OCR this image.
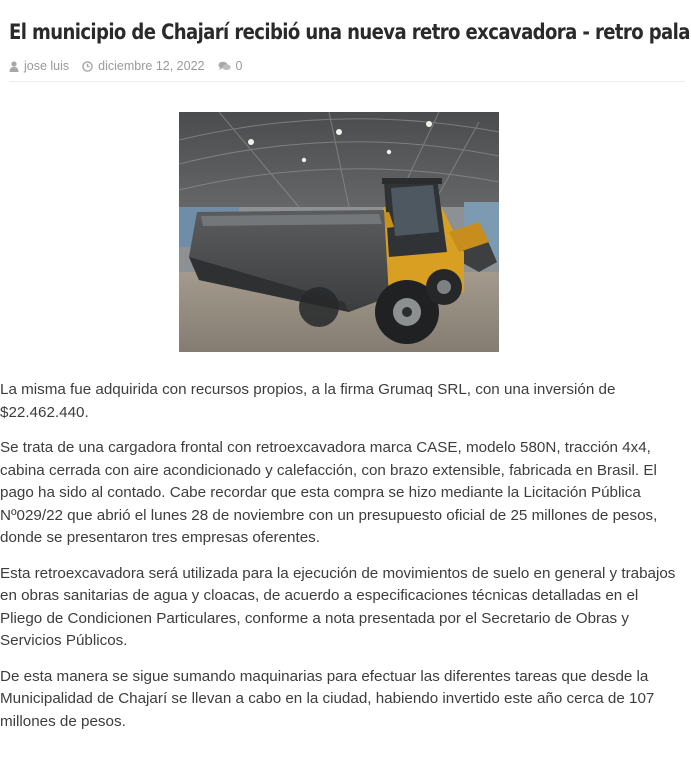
El municipio de Chajarí recibió una nueva retro excavadora - retro pala
jose luis diciembre 12, 2022 0

La misma fue adquirida con recursos propios, a la firma Grumaq SRL, con una inversión de $22.462.440.

Se trata de una cargadora frontal con retroexcavadora marca CASE, modelo 580N, tracción 4x4, cabina cerrada con aire acondicionado y calefacción, con brazo extensible, fabricada en Brasil. El pago ha sido al contado. Cabe recordar que esta compra se hizo mediante la Licitación Pública Nº029/22 que abrió el lunes 28 de noviembre con un presupuesto oficial de 25 millones de pesos, donde se presentaron tres empresas oferentes.

Esta retroexcavadora será utilizada para la ejecución de movimientos de suelo en general y trabajos en obras sanitarias de agua y cloacas, de acuerdo a especificaciones técnicas detalladas en el Pliego de Condicionen Particulares, conforme a nota presentada por el Secretario de Obras y Servicios Públicos.

De esta manera se sigue sumando maquinarias para efectuar las diferentes tareas que desde la Municipalidad de Chajarí se llevan a cabo en la ciudad, habiendo invertido este año cerca de 107 millones de pesos.
